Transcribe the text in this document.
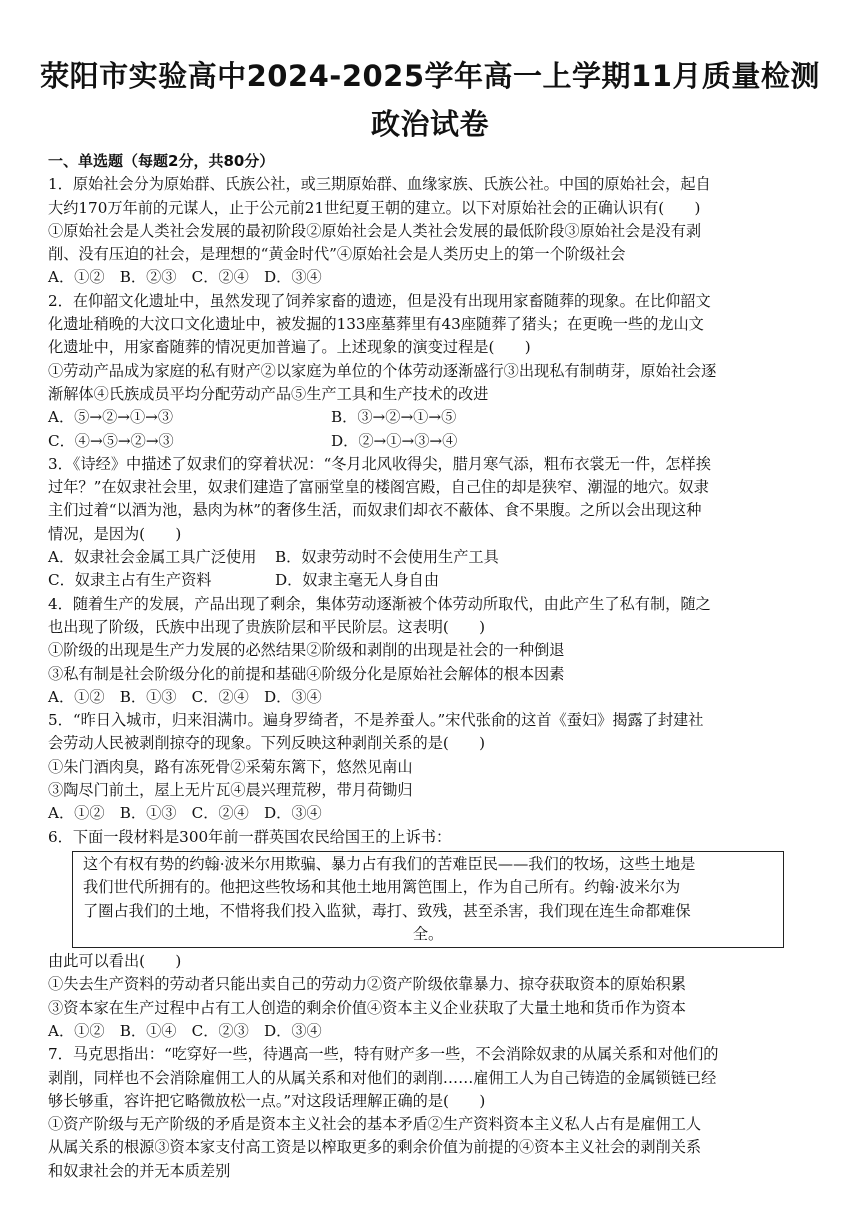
荥阳市实验高中2024-2025学年高一上学期11月质量检测
政治试卷
一、单选题（每题2分，共80分）
1．原始社会分为原始群、氏族公社，或三期原始群、血缘家族、氏族公社。中国的原始社会，起自
大约170万年前的元谋人，止于公元前21世纪夏王朝的建立。以下对原始社会的正确认识有(　　)
①原始社会是人类社会发展的最初阶段②原始社会是人类社会发展的最低阶段③原始社会是没有剥
削、没有压迫的社会，是理想的“黄金时代”④原始社会是人类历史上的第一个阶级社会
A．①②　B．②③　C．②④　D．③④
2．在仰韶文化遗址中，虽然发现了饲养家畜的遗迹，但是没有出现用家畜随葬的现象。在比仰韶文
化遗址稍晚的大汶口文化遗址中，被发掘的133座墓葬里有43座随葬了猪头；在更晚一些的龙山文
化遗址中，用家畜随葬的情况更加普遍了。上述现象的演变过程是(　　)
①劳动产品成为家庭的私有财产②以家庭为单位的个体劳动逐渐盛行③出现私有制萌芽，原始社会逐
渐解体④氏族成员平均分配劳动产品⑤生产工具和生产技术的改进
A．⑤→②→①→③	B．③→②→①→⑤
C．④→⑤→②→③	D．②→①→③→④
3．《诗经》中描述了奴隶们的穿着状况：“冬月北风收得尖，腊月寒气添，粗布衣裳无一件，怎样挨
过年？”在奴隶社会里，奴隶们建造了富丽堂皇的楼阁宫殿，自己住的却是狭窄、潮湿的地穴。奴隶
主们过着“以酒为池，悬肉为林”的奢侈生活，而奴隶们却衣不蔽体、食不果腹。之所以会出现这种
情况，是因为(　　)
A．奴隶社会金属工具广泛使用	B．奴隶劳动时不会使用生产工具
C．奴隶主占有生产资料	D．奴隶主毫无人身自由
4．随着生产的发展，产品出现了剩余，集体劳动逐渐被个体劳动所取代，由此产生了私有制，随之
也出现了阶级，氏族中出现了贵族阶层和平民阶层。这表明(　　)
①阶级的出现是生产力发展的必然结果②阶级和剥削的出现是社会的一种倒退
③私有制是社会阶级分化的前提和基础④阶级分化是原始社会解体的根本因素
A．①②　B．①③　C．②④　D．③④
5．“昨日入城市，归来泪满巾。遍身罗绮者，不是养蚕人。”宋代张俞的这首《蚕妇》揭露了封建社
会劳动人民被剥削掠夺的现象。下列反映这种剥削关系的是(　　)
①朱门酒肉臭，路有冻死骨②采菊东篱下，悠然见南山
③陶尽门前土，屋上无片瓦④晨兴理荒秽，带月荷锄归
A．①②　B．①③　C．②④　D．③④
6．下面一段材料是300年前一群英国农民给国王的上诉书：
这个有权有势的约翰·波米尔用欺骗、暴力占有我们的苦难臣民——我们的牧场，这些土地是
我们世代所拥有的。他把这些牧场和其他土地用篱笆围上，作为自己所有。约翰·波米尔为
了圈占我们的土地，不惜将我们投入监狱，毒打、致残，甚至杀害，我们现在连生命都难保
全。
由此可以看出(　　)
①失去生产资料的劳动者只能出卖自己的劳动力②资产阶级依靠暴力、掠夺获取资本的原始积累
③资本家在生产过程中占有工人创造的剩余价值④资本主义企业获取了大量土地和货币作为资本
A．①②　B．①④　C．②③　D．③④
7．马克思指出：“吃穿好一些，待遇高一些，特有财产多一些，不会消除奴隶的从属关系和对他们的
剥削，同样也不会消除雇佣工人的从属关系和对他们的剥削……雇佣工人为自己铸造的金属锁链已经
够长够重，容许把它略微放松一点。”对这段话理解正确的是(　　)
①资产阶级与无产阶级的矛盾是资本主义社会的基本矛盾②生产资料资本主义私人占有是雇佣工人
从属关系的根源③资本家支付高工资是以榨取更多的剩余价值为前提的④资本主义社会的剥削关系
和奴隶社会的并无本质差别
